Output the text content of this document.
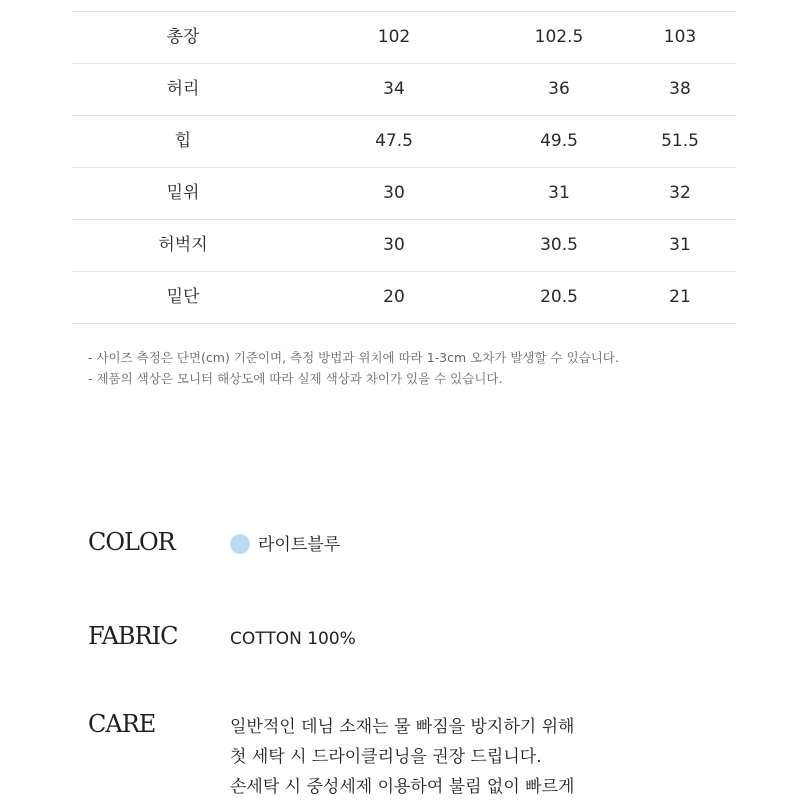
총장	102	102.5	103
허리	34	36	38
힙	47.5	49.5	51.5
밑위	30	31	32
허벅지	30	30.5	31
밑단	20	20.5	21
- 사이즈 측정은 단면(cm) 기준이며, 측정 방법과 위치에 따라 1-3cm 오차가 발생할 수 있습니다.
- 제품의 색상은 모니터 해상도에 따라 실제 색상과 차이가 있을 수 있습니다.
COLOR	라이트블루
FABRIC	COTTON 100%
CARE	일반적인 데님 소재는 물 빠짐을 방지하기 위해
첫 세탁 시 드라이클리닝을 권장 드립니다.
손세탁 시 중성세제 이용하여 불림 없이 빠르게
